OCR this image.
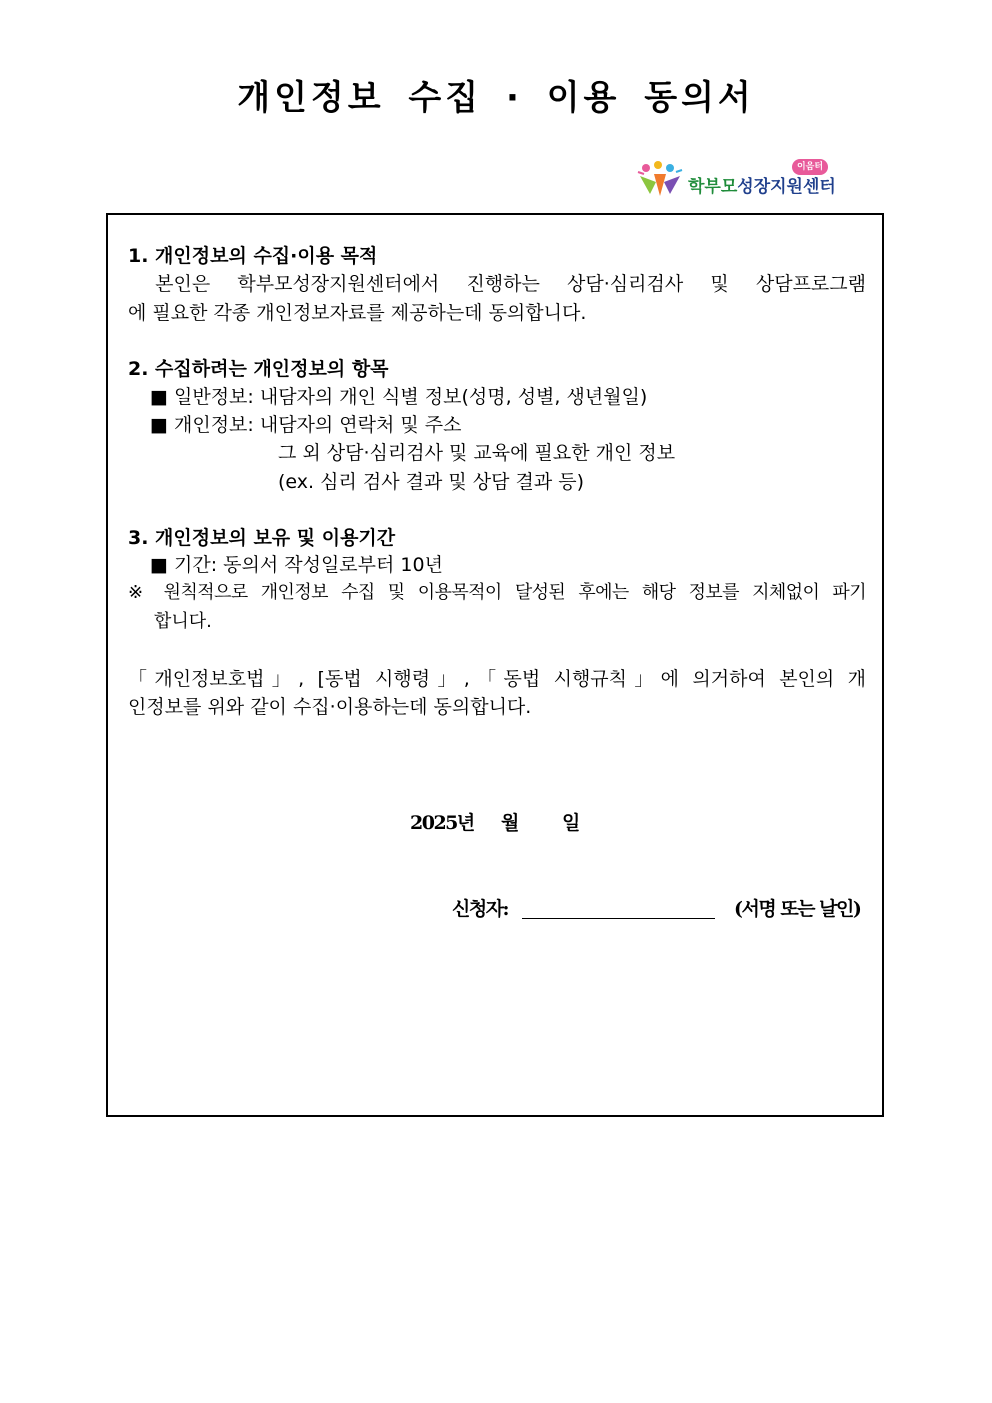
개인정보 수집 · 이용 동의서
이음터
학부모성장지원센터
1. 개인정보의 수집·이용 목적
본인은 학부모성장지원센터에서 진행하는 상담·심리검사 및 상담프로그램
에 필요한 각종 개인정보자료를 제공하는데 동의합니다.
2. 수집하려는 개인정보의 항목
■ 일반정보: 내담자의 개인 식별 정보(성명, 성별, 생년월일)
■ 개인정보: 내담자의 연락처 및 주소
그 외 상담·심리검사 및 교육에 필요한 개인 정보
(ex. 심리 검사 결과 및 상담 결과 등)
3. 개인정보의 보유 및 이용기간
■ 기간: 동의서 작성일로부터 10년
※ 원칙적으로 개인정보 수집 및 이용목적이 달성된 후에는 해당 정보를 지체없이 파기
합니다.
「개인정보호법」, [동법 시행령」,「동법 시행규칙」에 의거하여 본인의 개
인정보를 위와 같이 수집·이용하는데 동의합니다.
2025년 월 일
신청자:	(서명 또는 날인)
